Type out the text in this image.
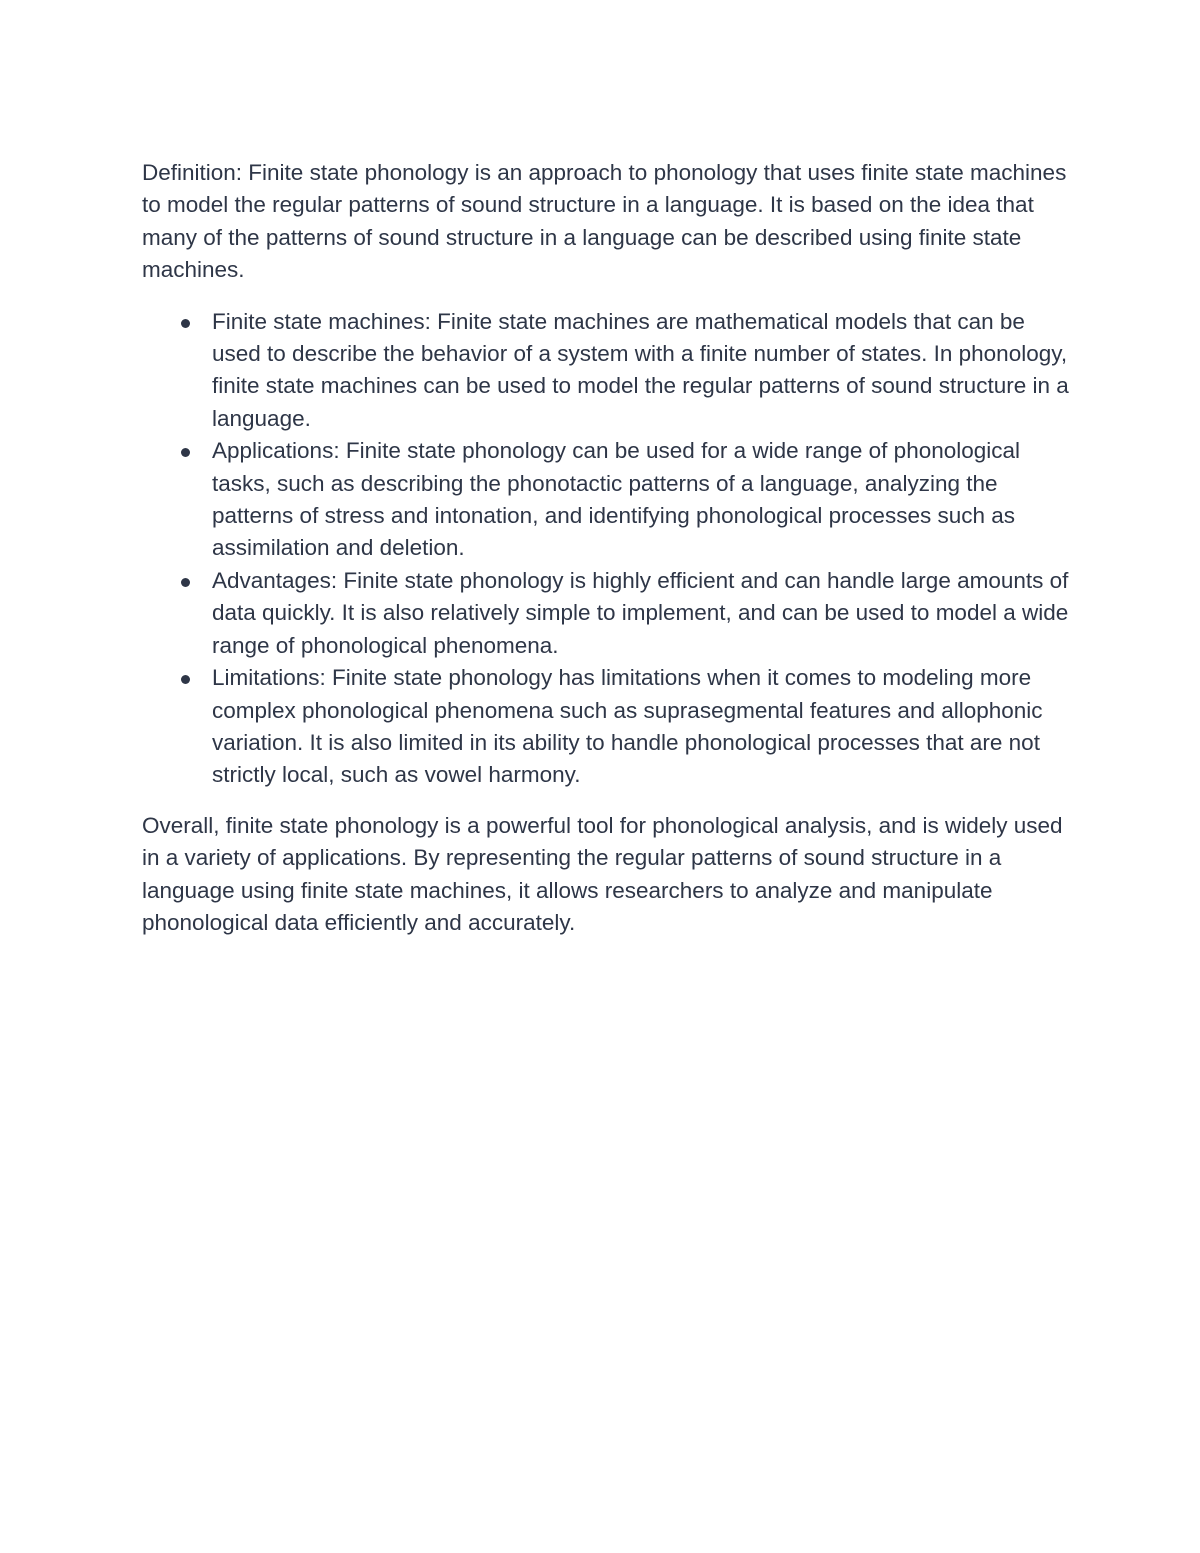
Definition: Finite state phonology is an approach to phonology that uses finite state machines to model the regular patterns of sound structure in a language. It is based on the idea that many of the patterns of sound structure in a language can be described using finite state machines.

Finite state machines: Finite state machines are mathematical models that can be used to describe the behavior of a system with a finite number of states. In phonology, finite state machines can be used to model the regular patterns of sound structure in a language.
Applications: Finite state phonology can be used for a wide range of phonological tasks, such as describing the phonotactic patterns of a language, analyzing the patterns of stress and intonation, and identifying phonological processes such as assimilation and deletion.
Advantages: Finite state phonology is highly efficient and can handle large amounts of data quickly. It is also relatively simple to implement, and can be used to model a wide range of phonological phenomena.
Limitations: Finite state phonology has limitations when it comes to modeling more complex phonological phenomena such as suprasegmental features and allophonic variation. It is also limited in its ability to handle phonological processes that are not strictly local, such as vowel harmony.

Overall, finite state phonology is a powerful tool for phonological analysis, and is widely used in a variety of applications. By representing the regular patterns of sound structure in a language using finite state machines, it allows researchers to analyze and manipulate phonological data efficiently and accurately.
